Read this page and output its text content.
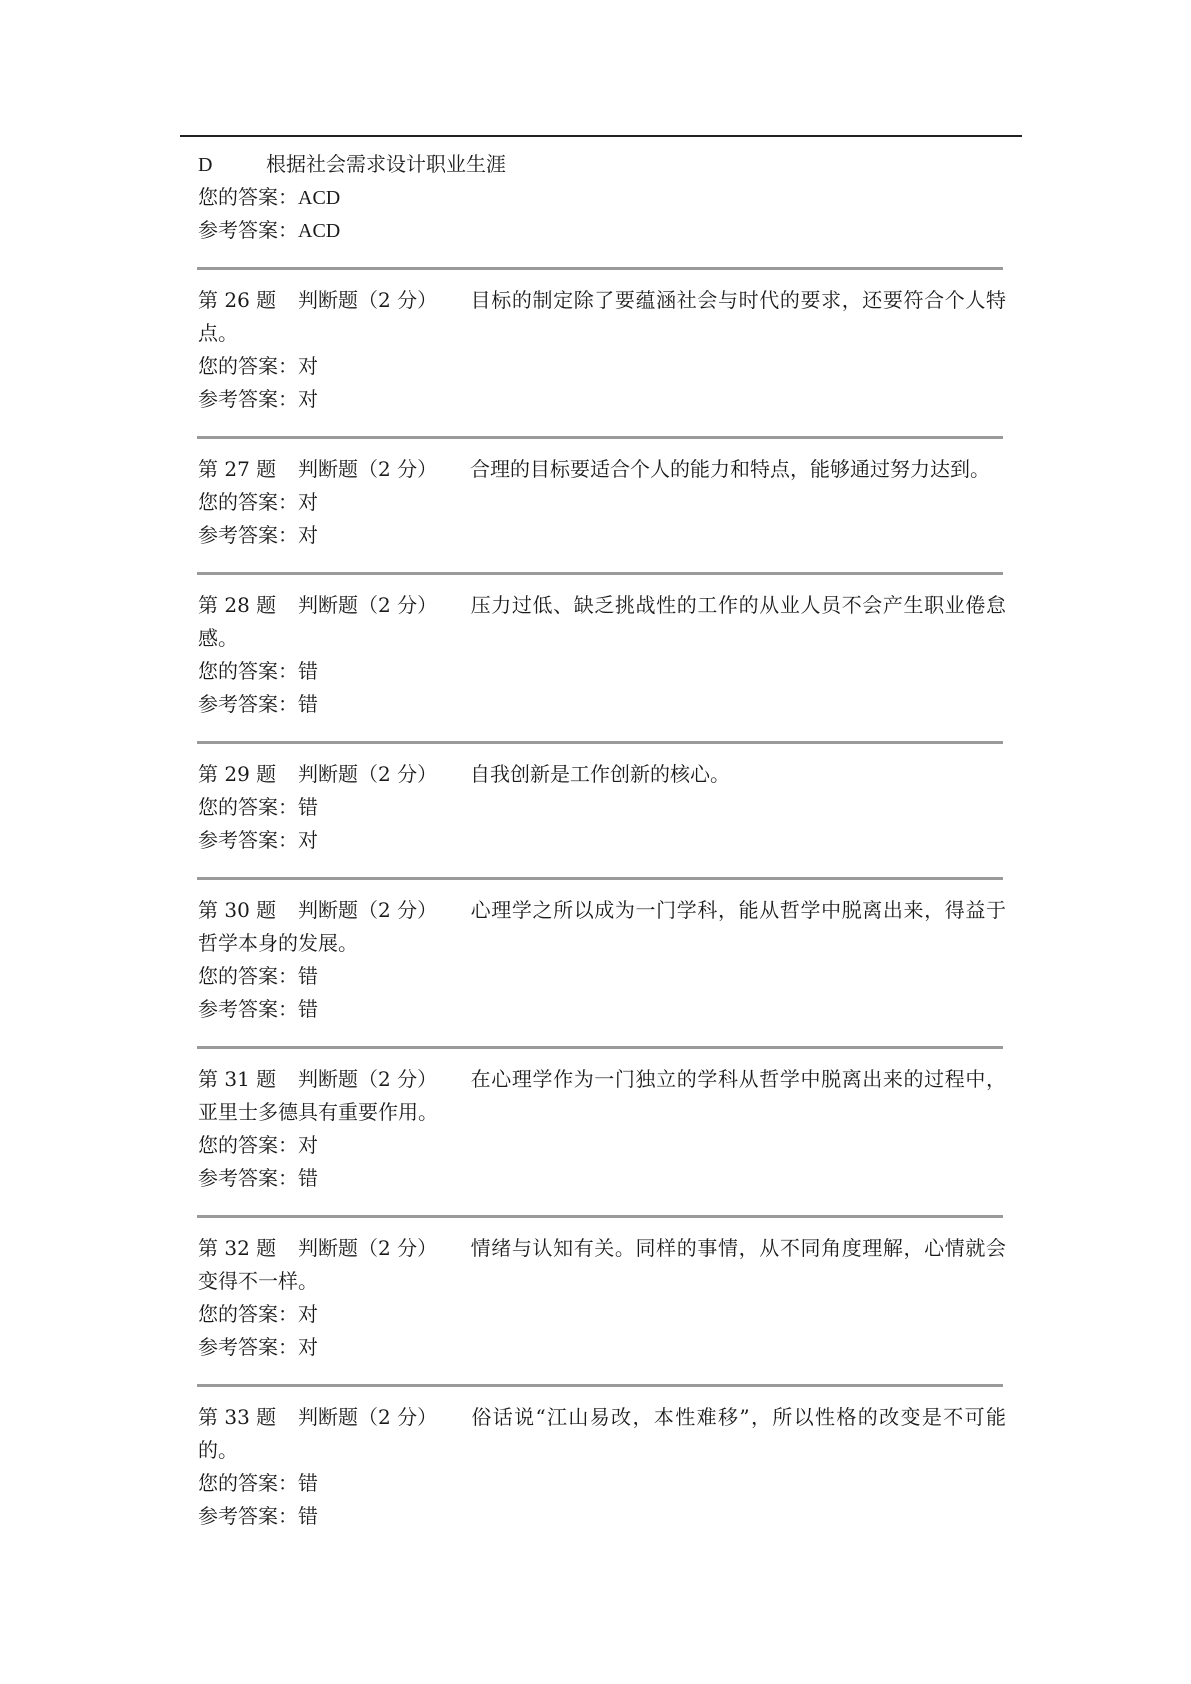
D	根据社会需求设计职业生涯
您的答案：ACD
参考答案：ACD
第 26 题 判断题（2 分） 目标的制定除了要蕴涵社会与时代的要求，还要符合个人特点。
您的答案：对
参考答案：对
第 27 题 判断题（2 分） 合理的目标要适合个人的能力和特点，能够通过努力达到。
您的答案：对
参考答案：对
第 28 题 判断题（2 分） 压力过低、缺乏挑战性的工作的从业人员不会产生职业倦怠感。
您的答案：错
参考答案：错
第 29 题 判断题（2 分） 自我创新是工作创新的核心。
您的答案：错
参考答案：对
第 30 题 判断题（2 分） 心理学之所以成为一门学科，能从哲学中脱离出来，得益于哲学本身的发展。
您的答案：错
参考答案：错
第 31 题 判断题（2 分） 在心理学作为一门独立的学科从哲学中脱离出来的过程中，亚里士多德具有重要作用。
您的答案：对
参考答案：错
第 32 题 判断题（2 分） 情绪与认知有关。同样的事情，从不同角度理解，心情就会变得不一样。
您的答案：对
参考答案：对
第 33 题 判断题（2 分） 俗话说“江山易改，本性难移”，所以性格的改变是不可能的。
您的答案：错
参考答案：错
